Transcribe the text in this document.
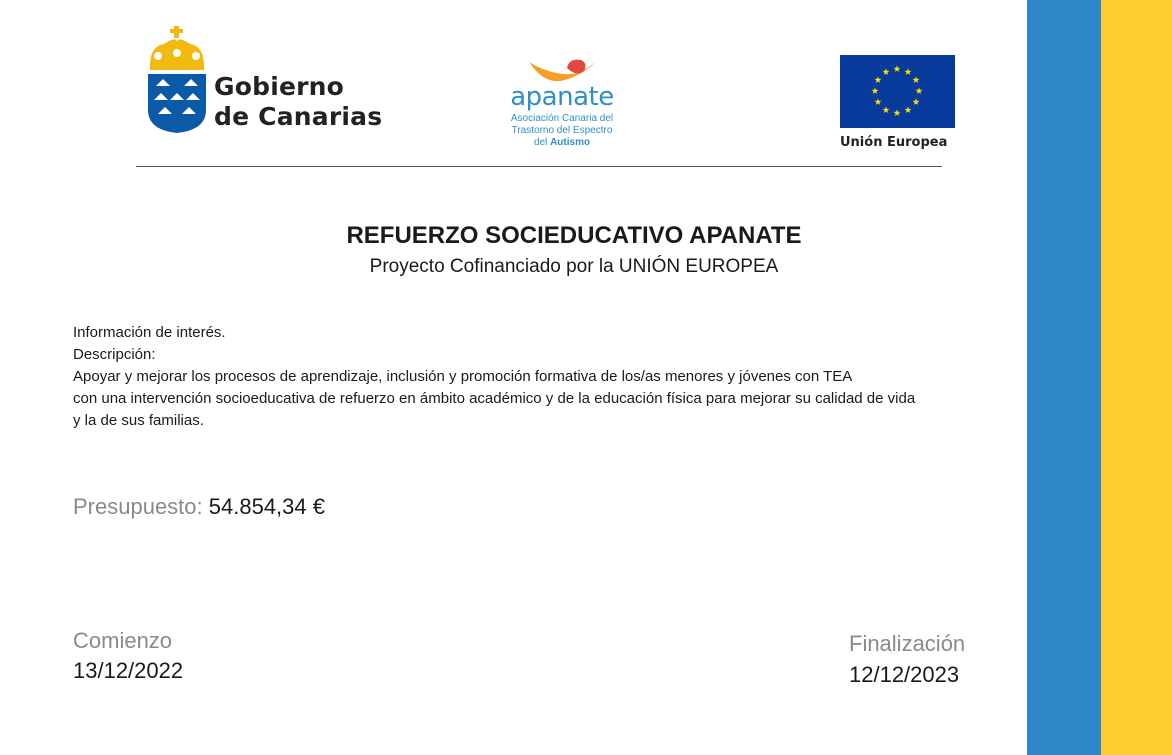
Gobierno
de Canarias
apanate
Asociación Canaria del
Trastorno del Espectro
del Autismo	Unión Europea
REFUERZO SOCIEDUCATIVO APANATE
Proyecto Cofinanciado por la UNIÓN EUROPEA
Información de interés.
Descripción:
Apoyar y mejorar los procesos de aprendizaje, inclusión y promoción formativa de los/as menores y jóvenes con TEA
con una intervención socioeducativa de refuerzo en ámbito académico y de la educación física para mejorar su calidad de vida
y la de sus familias.
Presupuesto: 54.854,34 €
Comienzo
13/12/2022
Finalización
12/12/2023
